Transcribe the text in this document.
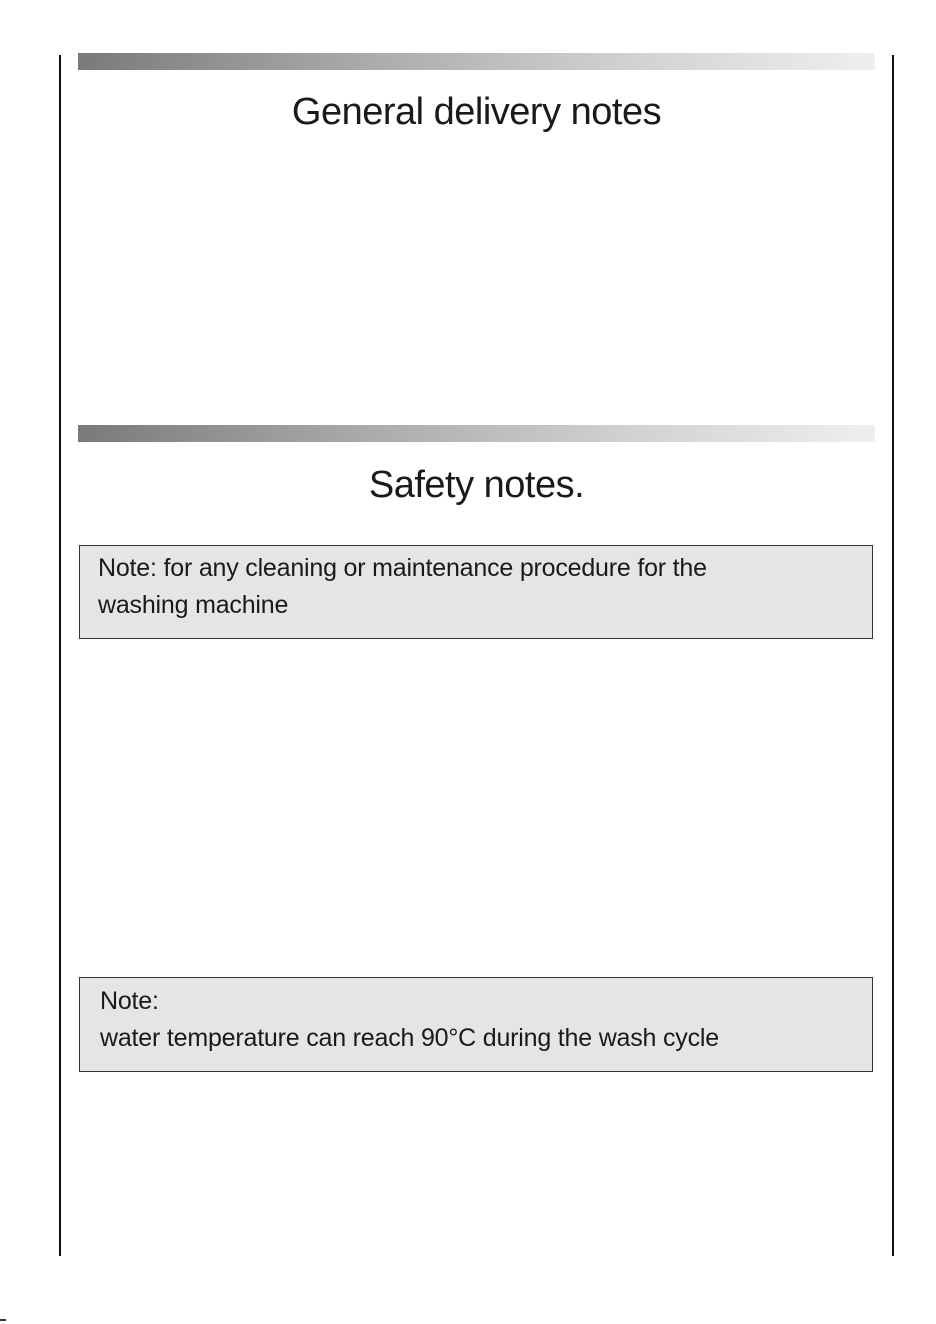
General delivery notes
Safety notes.
Note: for any cleaning or maintenance procedure for the
washing machine
Note:
water temperature can reach 90°C during the wash cycle
